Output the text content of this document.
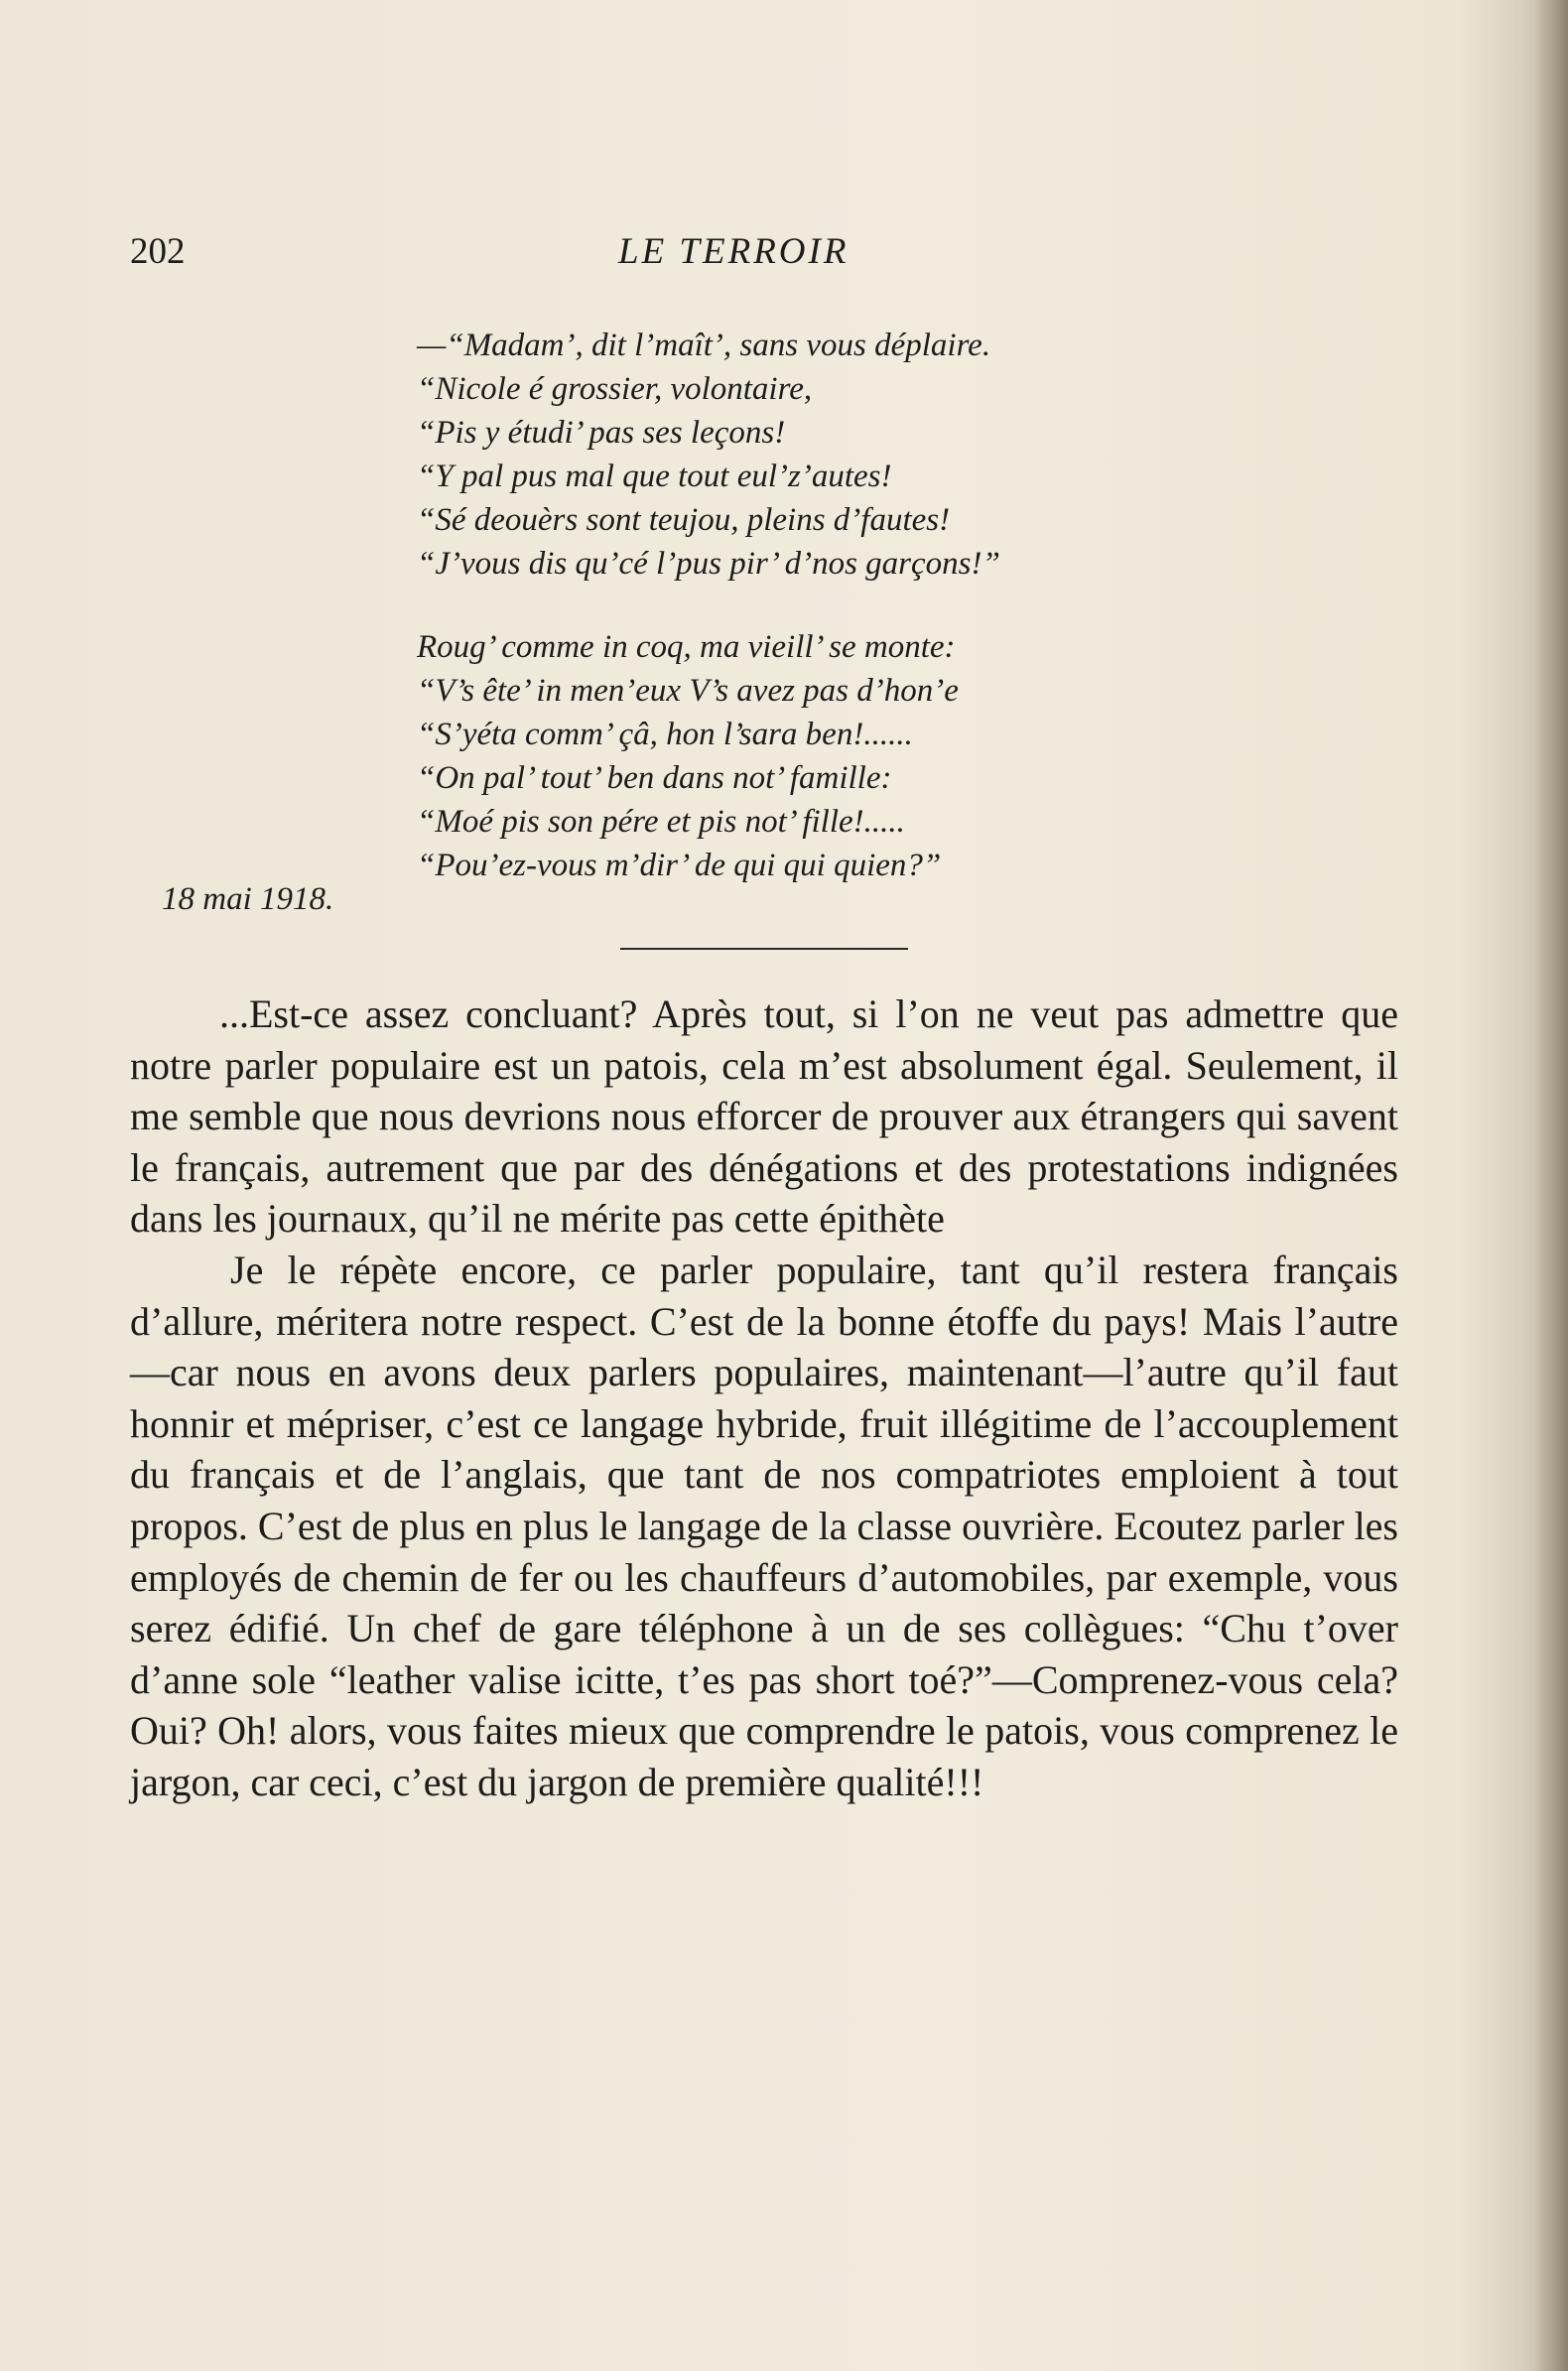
202	LE TERROIR
—“Madam’, dit l’maît’, sans vous déplaire.
“Nicole é grossier, volontaire,
“Pis y étudi’ pas ses leçons!
“Y pal pus mal que tout eul’z’autes!
“Sé deouèrs sont teujou, pleins d’fautes!
“J’vous dis qu’cé l’pus pir’ d’nos garçons!”
Roug’ comme in coq, ma vieill’ se monte:
“V’s ête’ in men’eux V’s avez pas d’hon’e
“S’yéta comm’ çâ, hon l’sara ben!......
“On pal’ tout’ ben dans not’ famille:
“Moé pis son pére et pis not’ fille!.....
“Pou’ez-vous m’dir’ de qui qui quien?”
18 mai 1918.

...Est-ce assez concluant? Après tout, si l’on ne veut pas admettre que notre parler populaire est un patois, cela m’est absolument égal. Seulement, il me semble que nous devrions nous efforcer de prouver aux étrangers qui savent le français, autrement que par des dénégations et des protestations indignées dans les journaux, qu’il ne mérite pas cette épithète

Je le répète encore, ce parler populaire, tant qu’il restera français d’allure, méritera notre respect. C’est de la bonne étoffe du pays! Mais l’autre—car nous en avons deux parlers populaires, maintenant—l’autre qu’il faut honnir et mépriser, c’est ce langage hybride, fruit illégitime de l’accouplement du français et de l’anglais, que tant de nos compatriotes emploient à tout propos. C’est de plus en plus le langage de la classe ouvrière. Ecoutez parler les employés de chemin de fer ou les chauffeurs d’automobiles, par exemple, vous serez édifié. Un chef de gare téléphone à un de ses collègues: “Chu t’over d’anne sole “leather valise icitte, t’es pas short toé?”—Comprenez-vous cela? Oui? Oh! alors, vous faites mieux que comprendre le patois, vous comprenez le jargon, car ceci, c’est du jargon de première qualité!!!
